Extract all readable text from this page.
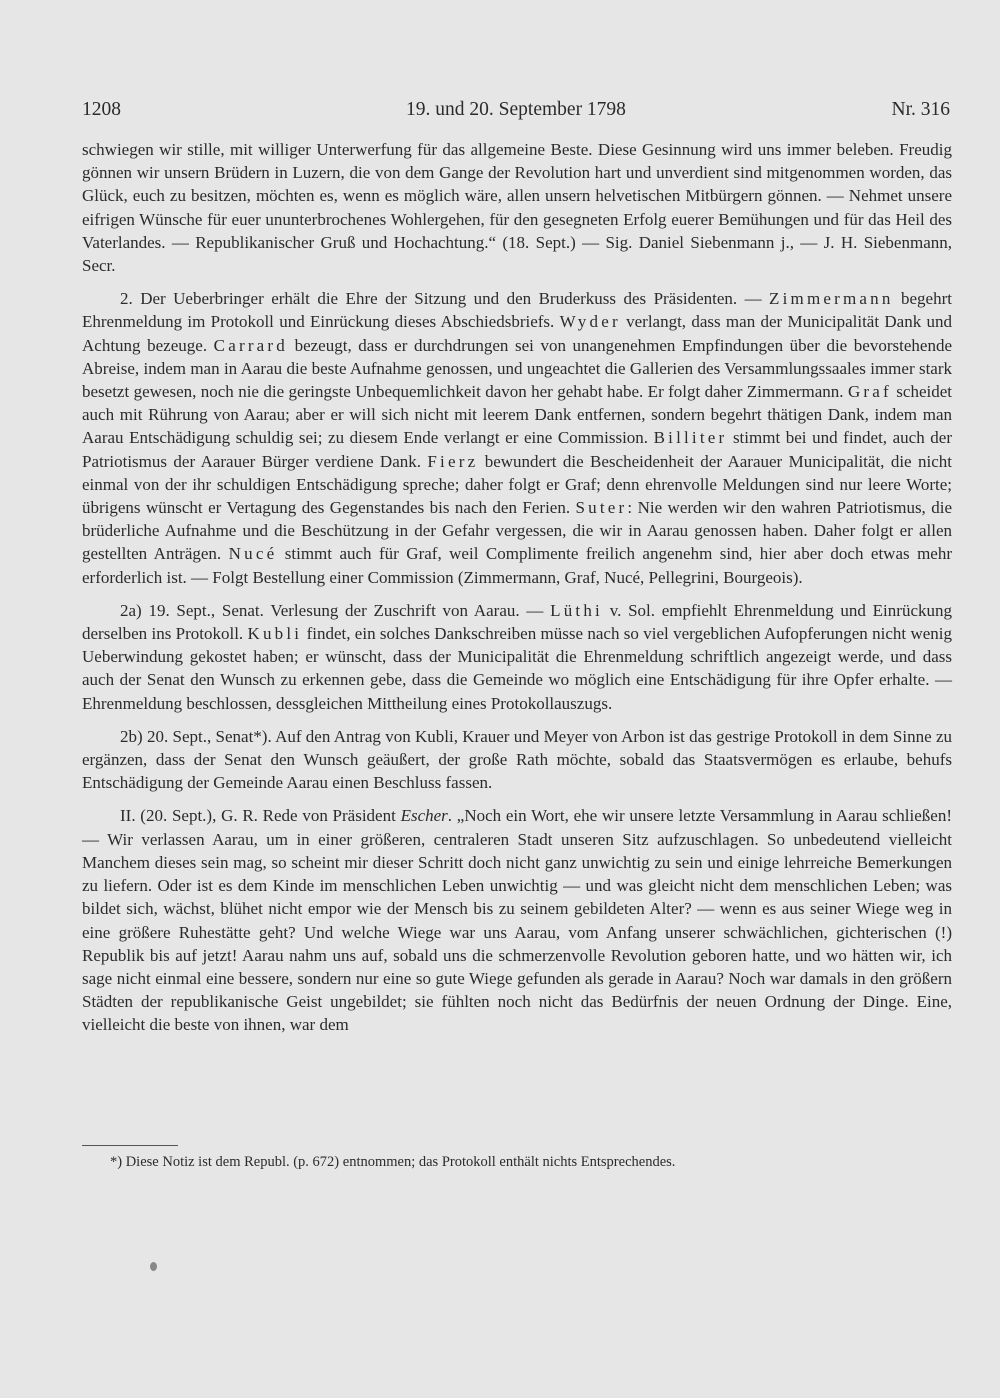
1208	19. und 20. September 1798	Nr. 316

schwiegen wir stille, mit williger Unterwerfung für das allgemeine Beste. Diese Gesinnung wird uns immer beleben. Freudig gönnen wir unsern Brüdern in Luzern, die von dem Gange der Revolution hart und unverdient sind mitgenommen worden, das Glück, euch zu besitzen, möchten es, wenn es möglich wäre, allen unsern helvetischen Mitbürgern gönnen. — Nehmet unsere eifrigen Wünsche für euer ununterbrochenes Wohlergehen, für den gesegneten Erfolg euerer Bemühungen und für das Heil des Vaterlandes. — Republikanischer Gruß und Hochachtung.“ (18. Sept.) — Sig. Daniel Siebenmann j., — J. H. Siebenmann, Secr.

2. Der Ueberbringer erhält die Ehre der Sitzung und den Bruderkuss des Präsidenten. — Zimmermann begehrt Ehrenmeldung im Protokoll und Einrückung dieses Abschiedsbriefs. Wyder verlangt, dass man der Municipalität Dank und Achtung bezeuge. Carrard bezeugt, dass er durchdrungen sei von unangenehmen Empfindungen über die bevorstehende Abreise, indem man in Aarau die beste Aufnahme genossen, und ungeachtet die Gallerien des Versammlungssaales immer stark besetzt gewesen, noch nie die geringste Unbequemlichkeit davon her gehabt habe. Er folgt daher Zimmermann. Graf scheidet auch mit Rührung von Aarau; aber er will sich nicht mit leerem Dank entfernen, sondern begehrt thätigen Dank, indem man Aarau Entschädigung schuldig sei; zu diesem Ende verlangt er eine Commission. Billiter stimmt bei und findet, auch der Patriotismus der Aarauer Bürger verdiene Dank. Fierz bewundert die Bescheidenheit der Aarauer Municipalität, die nicht einmal von der ihr schuldigen Entschädigung spreche; daher folgt er Graf; denn ehrenvolle Meldungen sind nur leere Worte; übrigens wünscht er Vertagung des Gegenstandes bis nach den Ferien. Suter: Nie werden wir den wahren Patriotismus, die brüderliche Aufnahme und die Beschützung in der Gefahr vergessen, die wir in Aarau genossen haben. Daher folgt er allen gestellten Anträgen. Nucé stimmt auch für Graf, weil Complimente freilich angenehm sind, hier aber doch etwas mehr erforderlich ist. — Folgt Bestellung einer Commission (Zimmermann, Graf, Nucé, Pellegrini, Bourgeois).

2a) 19. Sept., Senat. Verlesung der Zuschrift von Aarau. — Lüthi v. Sol. empfiehlt Ehrenmeldung und Einrückung derselben ins Protokoll. Kubli findet, ein solches Dankschreiben müsse nach so viel vergeblichen Aufopferungen nicht wenig Ueberwindung gekostet haben; er wünscht, dass der Municipalität die Ehrenmeldung schriftlich angezeigt werde, und dass auch der Senat den Wunsch zu erkennen gebe, dass die Gemeinde wo möglich eine Entschädigung für ihre Opfer erhalte. — Ehrenmeldung beschlossen, dessgleichen Mittheilung eines Protokollauszugs.

2b) 20. Sept., Senat*). Auf den Antrag von Kubli, Krauer und Meyer von Arbon ist das gestrige Protokoll in dem Sinne zu ergänzen, dass der Senat den Wunsch geäußert, der große Rath möchte, sobald das Staatsvermögen es erlaube, behufs Entschädigung der Gemeinde Aarau einen Beschluss fassen.

II. (20. Sept.), G. R. Rede von Präsident Escher. „Noch ein Wort, ehe wir unsere letzte Versammlung in Aarau schließen! — Wir verlassen Aarau, um in einer größeren, centraleren Stadt unseren Sitz aufzuschlagen. So unbedeutend vielleicht Manchem dieses sein mag, so scheint mir dieser Schritt doch nicht ganz unwichtig zu sein und einige lehrreiche Bemerkungen zu liefern. Oder ist es dem Kinde im menschlichen Leben unwichtig — und was gleicht nicht dem menschlichen Leben; was bildet sich, wächst, blühet nicht empor wie der Mensch bis zu seinem gebildeten Alter? — wenn es aus seiner Wiege weg in eine größere Ruhestätte geht? Und welche Wiege war uns Aarau, vom Anfang unserer schwächlichen, gichterischen (!) Republik bis auf jetzt! Aarau nahm uns auf, sobald uns die schmerzenvolle Revolution geboren hatte, und wo hätten wir, ich sage nicht einmal eine bessere, sondern nur eine so gute Wiege gefunden als gerade in Aarau? Noch war damals in den größern Städten der republikanische Geist ungebildet; sie fühlten noch nicht das Bedürfnis der neuen Ordnung der Dinge. Eine, vielleicht die beste von ihnen, war dem

*) Diese Notiz ist dem Republ. (p. 672) entnommen; das Protokoll enthält nichts Entsprechendes.
